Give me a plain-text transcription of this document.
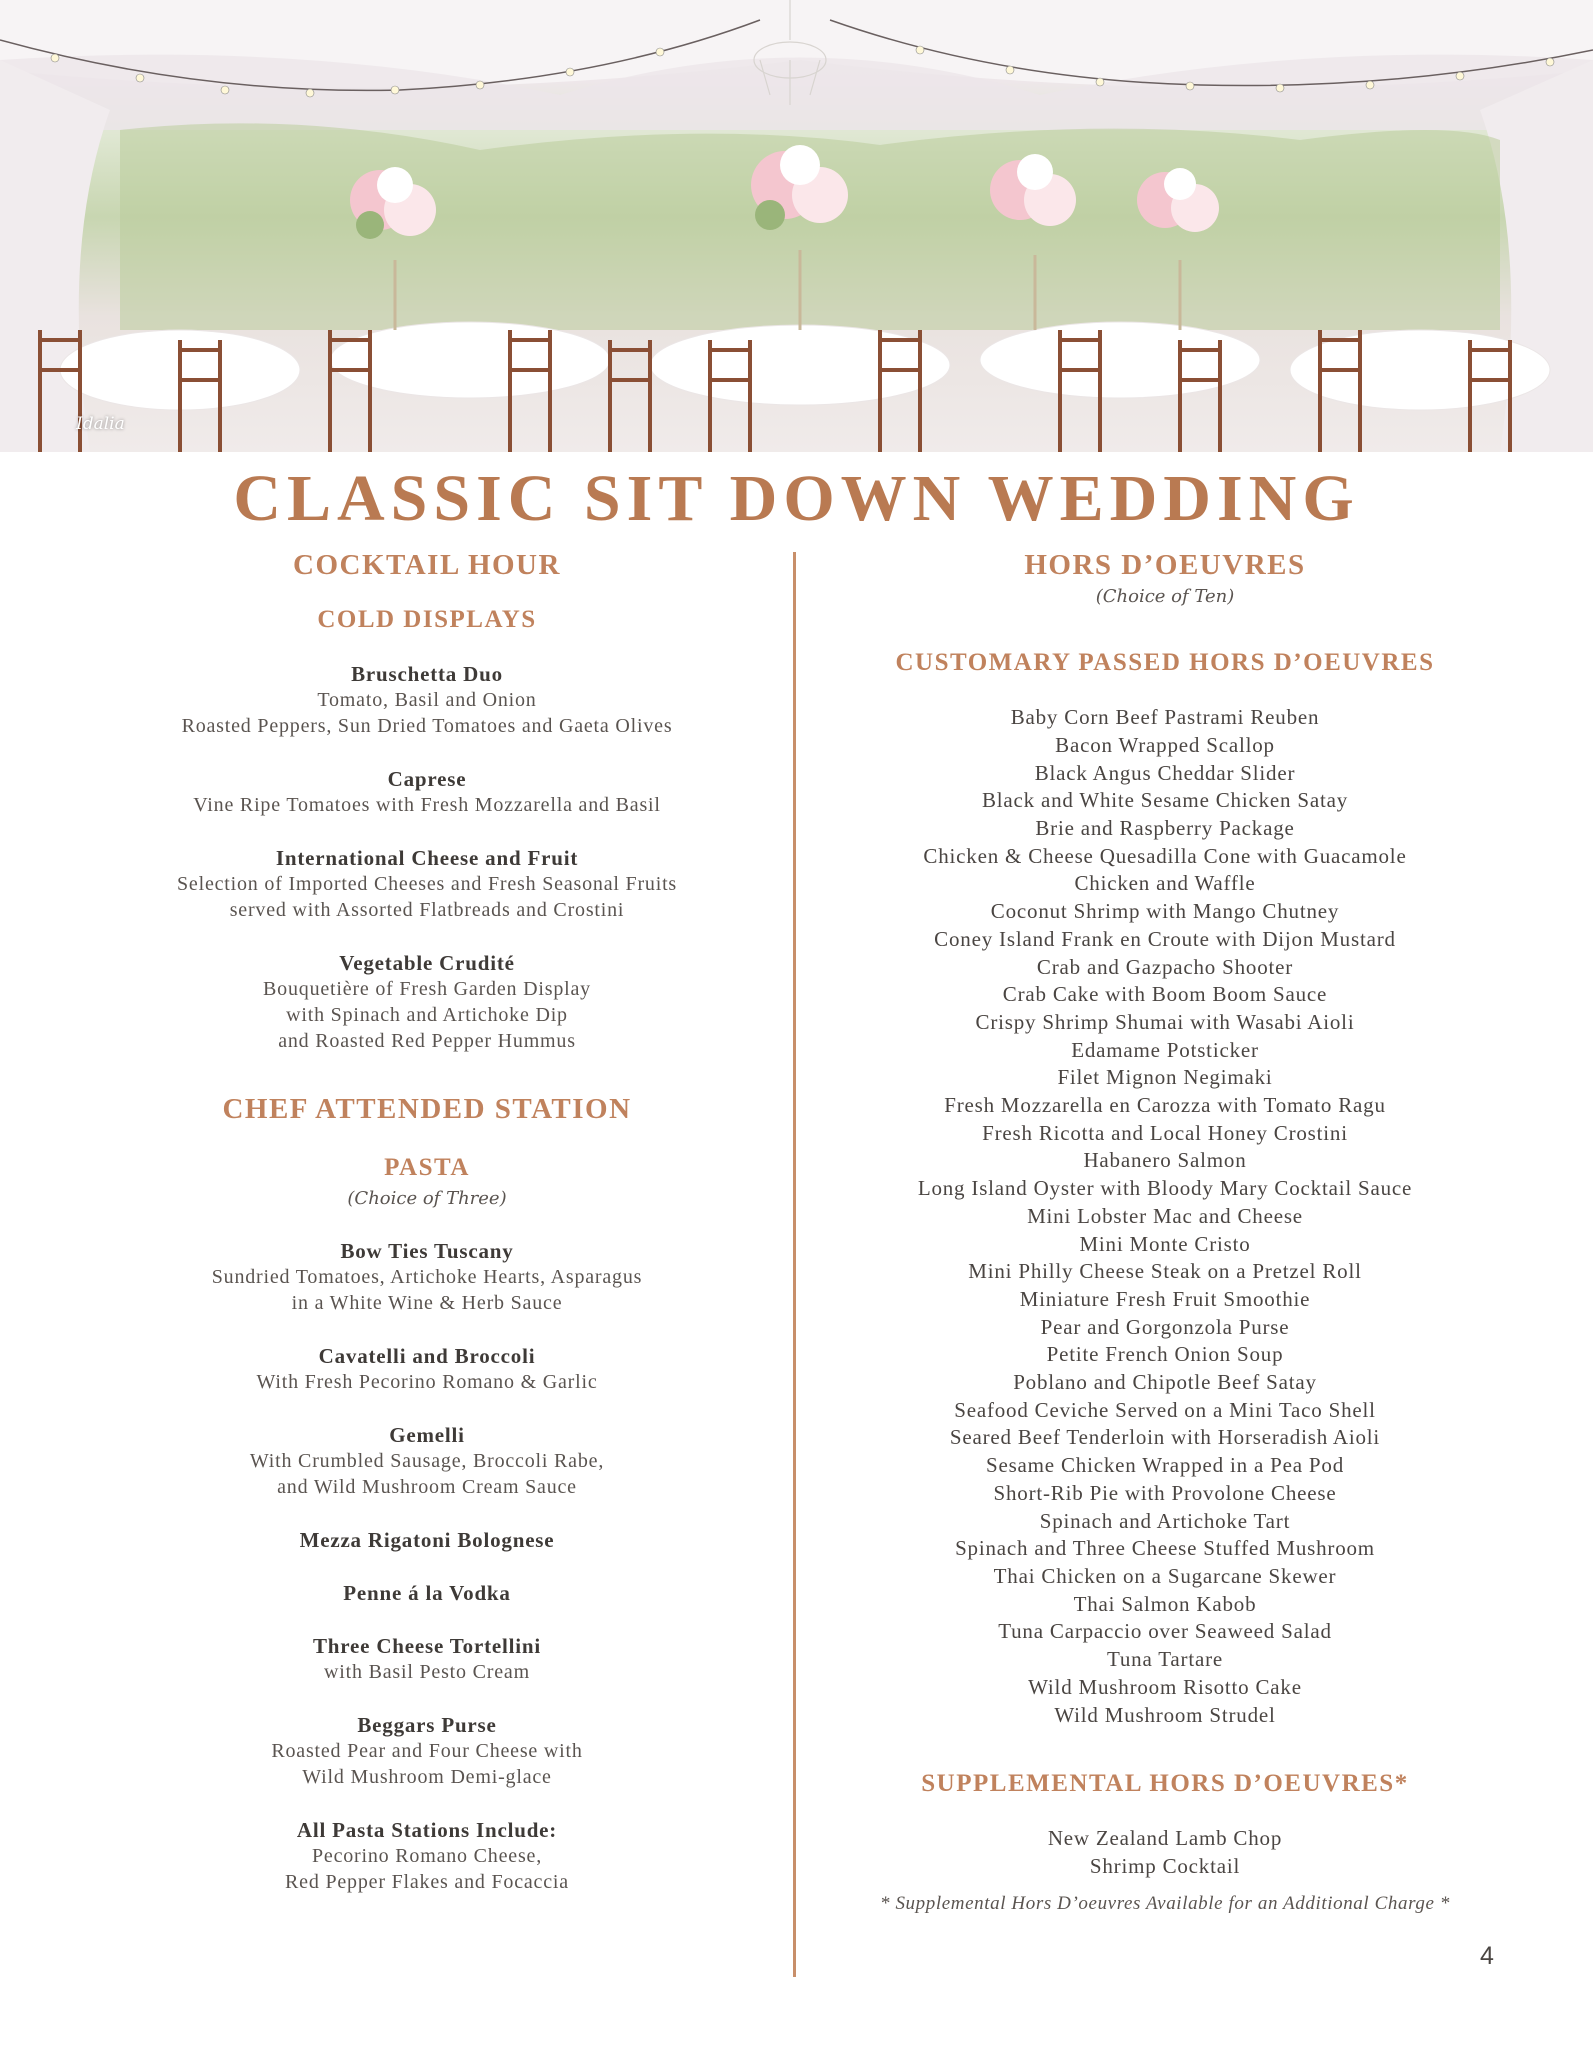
Idalia
CLASSIC SIT DOWN WEDDING
COCKTAIL HOUR
COLD DISPLAYS
Bruschetta Duo
Tomato, Basil and Onion
Roasted Peppers, Sun Dried Tomatoes and Gaeta Olives
Caprese
Vine Ripe Tomatoes with Fresh Mozzarella and Basil
International Cheese and Fruit
Selection of Imported Cheeses and Fresh Seasonal Fruits
served with Assorted Flatbreads and Crostini
Vegetable Crudité
Bouquetière of Fresh Garden Display
with Spinach and Artichoke Dip
and Roasted Red Pepper Hummus
CHEF ATTENDED STATION
PASTA

(Choice of Three)

Bow Ties Tuscany
Sundried Tomatoes, Artichoke Hearts, Asparagus
in a White Wine & Herb Sauce
Cavatelli and Broccoli
With Fresh Pecorino Romano & Garlic
Gemelli
With Crumbled Sausage, Broccoli Rabe,
and Wild Mushroom Cream Sauce
Mezza Rigatoni Bolognese
Penne á la Vodka
Three Cheese Tortellini
with Basil Pesto Cream
Beggars Purse
Roasted Pear and Four Cheese with
Wild Mushroom Demi-glace
All Pasta Stations Include:
Pecorino Romano Cheese,
Red Pepper Flakes and Focaccia
HORS D’OEUVRES

(Choice of Ten)

CUSTOMARY PASSED HORS D’OEUVRES
Baby Corn Beef Pastrami Reuben
Bacon Wrapped Scallop
Black Angus Cheddar Slider
Black and White Sesame Chicken Satay
Brie and Raspberry Package
Chicken & Cheese Quesadilla Cone with Guacamole
Chicken and Waffle
Coconut Shrimp with Mango Chutney
Coney Island Frank en Croute with Dijon Mustard
Crab and Gazpacho Shooter
Crab Cake with Boom Boom Sauce
Crispy Shrimp Shumai with Wasabi Aioli
Edamame Potsticker
Filet Mignon Negimaki
Fresh Mozzarella en Carozza with Tomato Ragu
Fresh Ricotta and Local Honey Crostini
Habanero Salmon
Long Island Oyster with Bloody Mary Cocktail Sauce
Mini Lobster Mac and Cheese
Mini Monte Cristo
Mini Philly Cheese Steak on a Pretzel Roll
Miniature Fresh Fruit Smoothie
Pear and Gorgonzola Purse
Petite French Onion Soup
Poblano and Chipotle Beef Satay
Seafood Ceviche Served on a Mini Taco Shell
Seared Beef Tenderloin with Horseradish Aioli
Sesame Chicken Wrapped in a Pea Pod
Short-Rib Pie with Provolone Cheese
Spinach and Artichoke Tart
Spinach and Three Cheese Stuffed Mushroom
Thai Chicken on a Sugarcane Skewer
Thai Salmon Kabob
Tuna Carpaccio over Seaweed Salad
Tuna Tartare
Wild Mushroom Risotto Cake
Wild Mushroom Strudel
SUPPLEMENTAL HORS D’OEUVRES*
New Zealand Lamb Chop
Shrimp Cocktail
* Supplemental Hors D’oeuvres Available for an Additional Charge *
4
